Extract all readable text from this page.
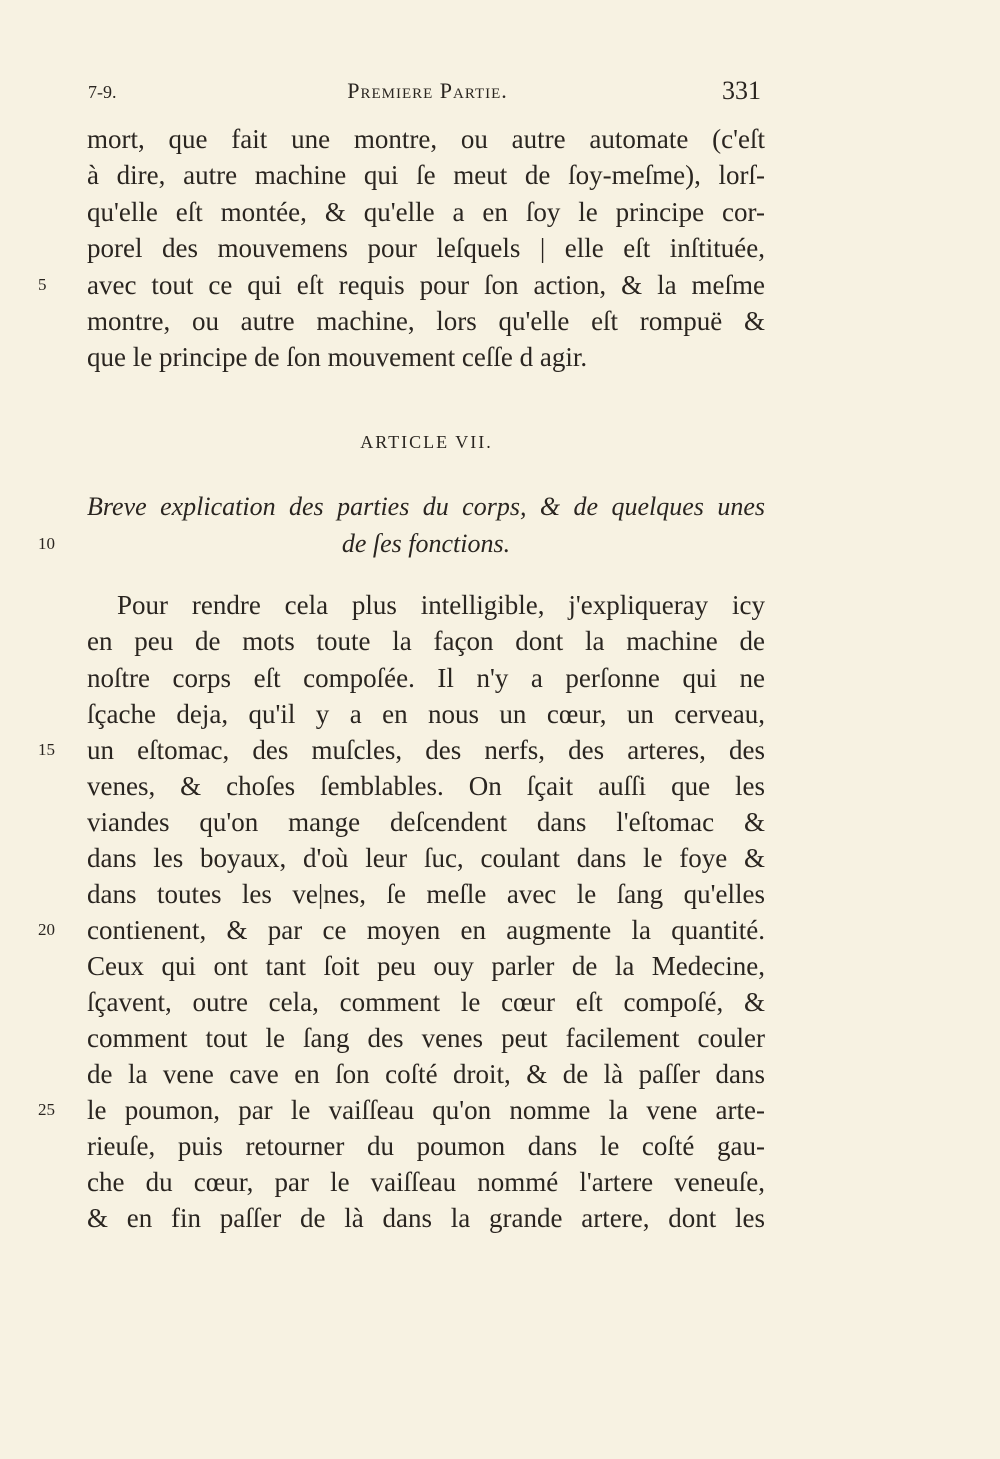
7-9.	Premiere Partie.	331
mort, que fait une montre, ou autre automate (c'eſt
à dire, autre machine qui ſe meut de ſoy-meſme), lorſ-
qu'elle eſt montée, & qu'elle a en ſoy le principe cor-
porel des mouvemens pour leſquels | elle eſt inſtituée,
avec tout ce qui eſt requis pour ſon action, & la meſme
montre, ou autre machine, lors qu'elle eſt rompuë &
que le principe de ſon mouvement ceſſe d agir.
5
ARTICLE VII.
Breve explication des parties du corps, & de quelques unes
de ſes fonctions.
10
Pour rendre cela plus intelligible, j'expliqueray icy
en peu de mots toute la façon dont la machine de
noſtre corps eſt compoſée. Il n'y a perſonne qui ne
ſçache deja, qu'il y a en nous un cœur, un cerveau,
un eſtomac, des muſcles, des nerfs, des arteres, des
venes, & choſes ſemblables. On ſçait auſſi que les
viandes qu'on mange deſcendent dans l'eſtomac &
dans les boyaux, d'où leur ſuc, coulant dans le foye &
dans toutes les ve|nes, ſe meſle avec le ſang qu'elles
contienent, & par ce moyen en augmente la quantité.
Ceux qui ont tant ſoit peu ouy parler de la Medecine,
ſçavent, outre cela, comment le cœur eſt compoſé, &
comment tout le ſang des venes peut facilement couler
de la vene cave en ſon coſté droit, & de là paſſer dans
le poumon, par le vaiſſeau qu'on nomme la vene arte-
rieuſe, puis retourner du poumon dans le coſté gau-
che du cœur, par le vaiſſeau nommé l'artere veneuſe,
& en fin paſſer de là dans la grande artere, dont les
15
20
25
